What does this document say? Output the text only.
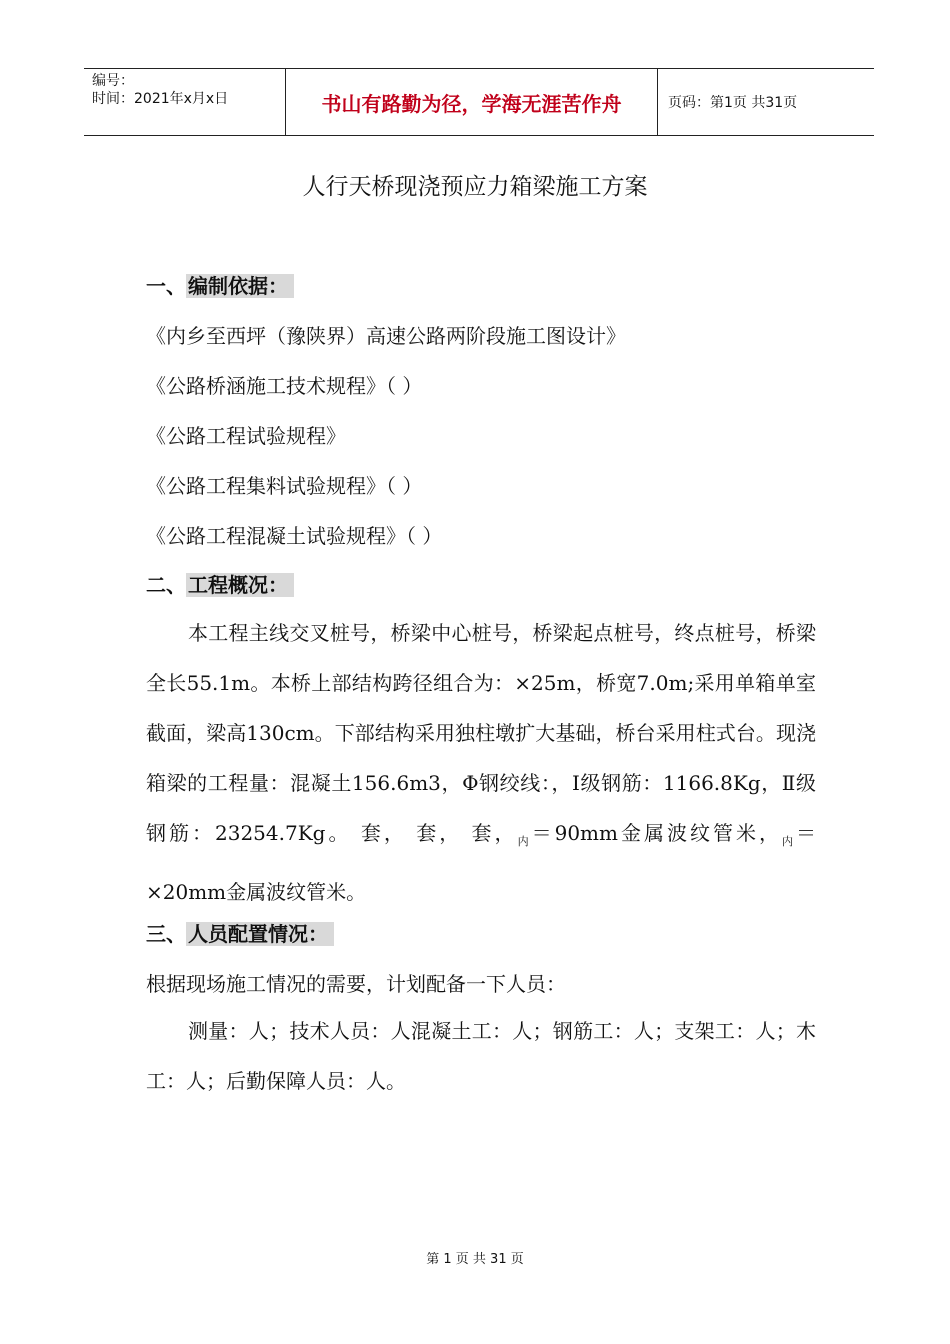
编号：
时间：2021年x月x日	书山有路勤为径，学海无涯苦作舟	页码：第1页 共31页
人行天桥现浇预应力箱梁施工方案
一、 编制依据：
《内乡至西坪（豫陕界）高速公路两阶段施工图设计》
《公路桥涵施工技术规程》（ ）
《公路工程试验规程》
《公路工程集料试验规程》（ ）
《公路工程混凝土试验规程》（ ）
二、 工程概况：
本工程主线交叉桩号，桥梁中心桩号，桥梁起点桩号，终点桩号，桥梁全长55.1m。本桥上部结构跨径组合为：×25m，桥宽7.0m;采用单箱单室截面，梁高130cm。下部结构采用独柱墩扩大基础，桥台采用柱式台。现浇箱梁的工程量：混凝土156.6m3，Φ钢绞线：，Ⅰ级钢筋：1166.8Kg，Ⅱ级钢筋：23254.7Kg。 套， 套， 套，$_内$＝90mm金属波纹管米，$_内$＝×20mm金属波纹管米。
三、 人员配置情况：
根据现场施工情况的需要，计划配备一下人员：
测量：人；技术人员：人混凝土工：人；钢筋工：人；支架工：人；木工：人；后勤保障人员：人。
第 1 页 共 31 页
